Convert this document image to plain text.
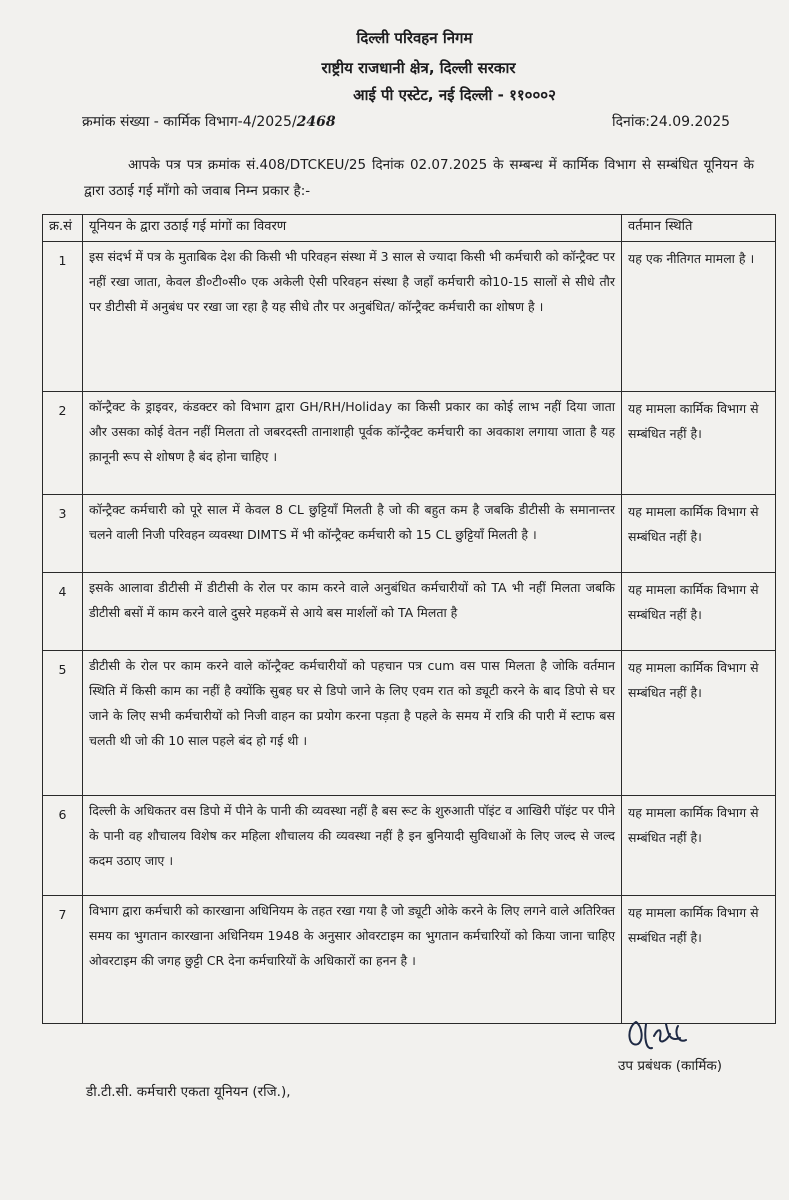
दिल्ली परिवहन निगम
राष्ट्रीय राजधानी क्षेत्र, दिल्ली सरकार
आई पी एस्टेट, नई दिल्ली - ११०००२
क्रमांक संख्या - कार्मिक विभाग-4/2025/2468	दिनांक:24.09.2025
आपके पत्र पत्र क्रमांक सं.408/DTCKEU/25 दिनांक 02.07.2025 के सम्बन्ध में कार्मिक विभाग से सम्बंधित यूनियन के द्वारा उठाई गई माँगो को जवाब निम्न प्रकार है:-
क्र.सं	यूनियन के द्वारा उठाई गई मांगों का विवरण	वर्तमान स्थिति
1	इस संदर्भ में पत्र के मुताबिक देश की किसी भी परिवहन संस्था में 3 साल से ज्यादा किसी भी कर्मचारी को कॉन्ट्रैक्ट पर नहीं रखा जाता, केवल डी०टी०सी० एक अकेली ऐसी परिवहन संस्था है जहाँ कर्मचारी को10-15 सालों से सीधे तौर पर डीटीसी में अनुबंध पर रखा जा रहा है यह सीधे तौर पर अनुबंधित/ कॉन्ट्रैक्ट कर्मचारी का शोषण है ।	यह एक नीतिगत मामला है ।
2	कॉन्ट्रैक्ट के ड्राइवर, कंडक्टर को विभाग द्वारा GH/RH/Holiday का किसी प्रकार का कोई लाभ नहीं दिया जाता और उसका कोई वेतन नहीं मिलता तो जबरदस्ती तानाशाही पूर्वक कॉन्ट्रैक्ट कर्मचारी का अवकाश लगाया जाता है यह क़ानूनी रूप से शोषण है बंद होना चाहिए ।	यह मामला कार्मिक विभाग से सम्बंधित नहीं है।
3	कॉन्ट्रैक्ट कर्मचारी को पूरे साल में केवल 8 CL छुट्टियाँ मिलती है जो की बहुत कम है जबकि डीटीसी के समानान्तर चलने वाली निजी परिवहन व्यवस्था DIMTS में भी कॉन्ट्रैक्ट कर्मचारी को 15 CL छुट्टियाँ मिलती है ।	यह मामला कार्मिक विभाग से सम्बंधित नहीं है।
4	इसके आलावा डीटीसी में डीटीसी के रोल पर काम करने वाले अनुबंधित कर्मचारीयों को TA भी नहीं मिलता जबकि डीटीसी बसों में काम करने वाले दुसरे महकमें से आये बस मार्शलों को TA मिलता है	यह मामला कार्मिक विभाग से सम्बंधित नहीं है।
5	डीटीसी के रोल पर काम करने वाले कॉन्ट्रैक्ट कर्मचारीयों को पहचान पत्र cum वस पास मिलता है जोकि वर्तमान स्थिति में किसी काम का नहीं है क्योंकि सुबह घर से डिपो जाने के लिए एवम रात को ड्यूटी करने के बाद डिपो से घर जाने के लिए सभी कर्मचारीयों को निजी वाहन का प्रयोग करना पड़ता है पहले के समय में रात्रि की पारी में स्टाफ बस चलती थी जो की 10 साल पहले बंद हो गई थी ।	यह मामला कार्मिक विभाग से सम्बंधित नहीं है।
6	दिल्ली के अधिकतर वस डिपो में पीने के पानी की व्यवस्था नहीं है बस रूट के शुरुआती पॉइंट व आखिरी पॉइंट पर पीने के पानी वह शौचालय विशेष कर महिला शौचालय की व्यवस्था नहीं है इन बुनियादी सुविधाओं के लिए जल्द से जल्द कदम उठाए जाए ।	यह मामला कार्मिक विभाग से सम्बंधित नहीं है।
7	विभाग द्वारा कर्मचारी को कारखाना अधिनियम के तहत रखा गया है जो ड्यूटी ओके करने के लिए लगने वाले अतिरिक्त समय का भुगतान कारखाना अधिनियम 1948 के अनुसार ओवरटाइम का भुगतान कर्मचारियों को किया जाना चाहिए ओवरटाइम की जगह छुट्टी CR देना कर्मचारियों के अधिकारों का हनन है ।	यह मामला कार्मिक विभाग से सम्बंधित नहीं है।
उप प्रबंधक (कार्मिक)
डी.टी.सी. कर्मचारी एकता यूनियन (रजि.),
